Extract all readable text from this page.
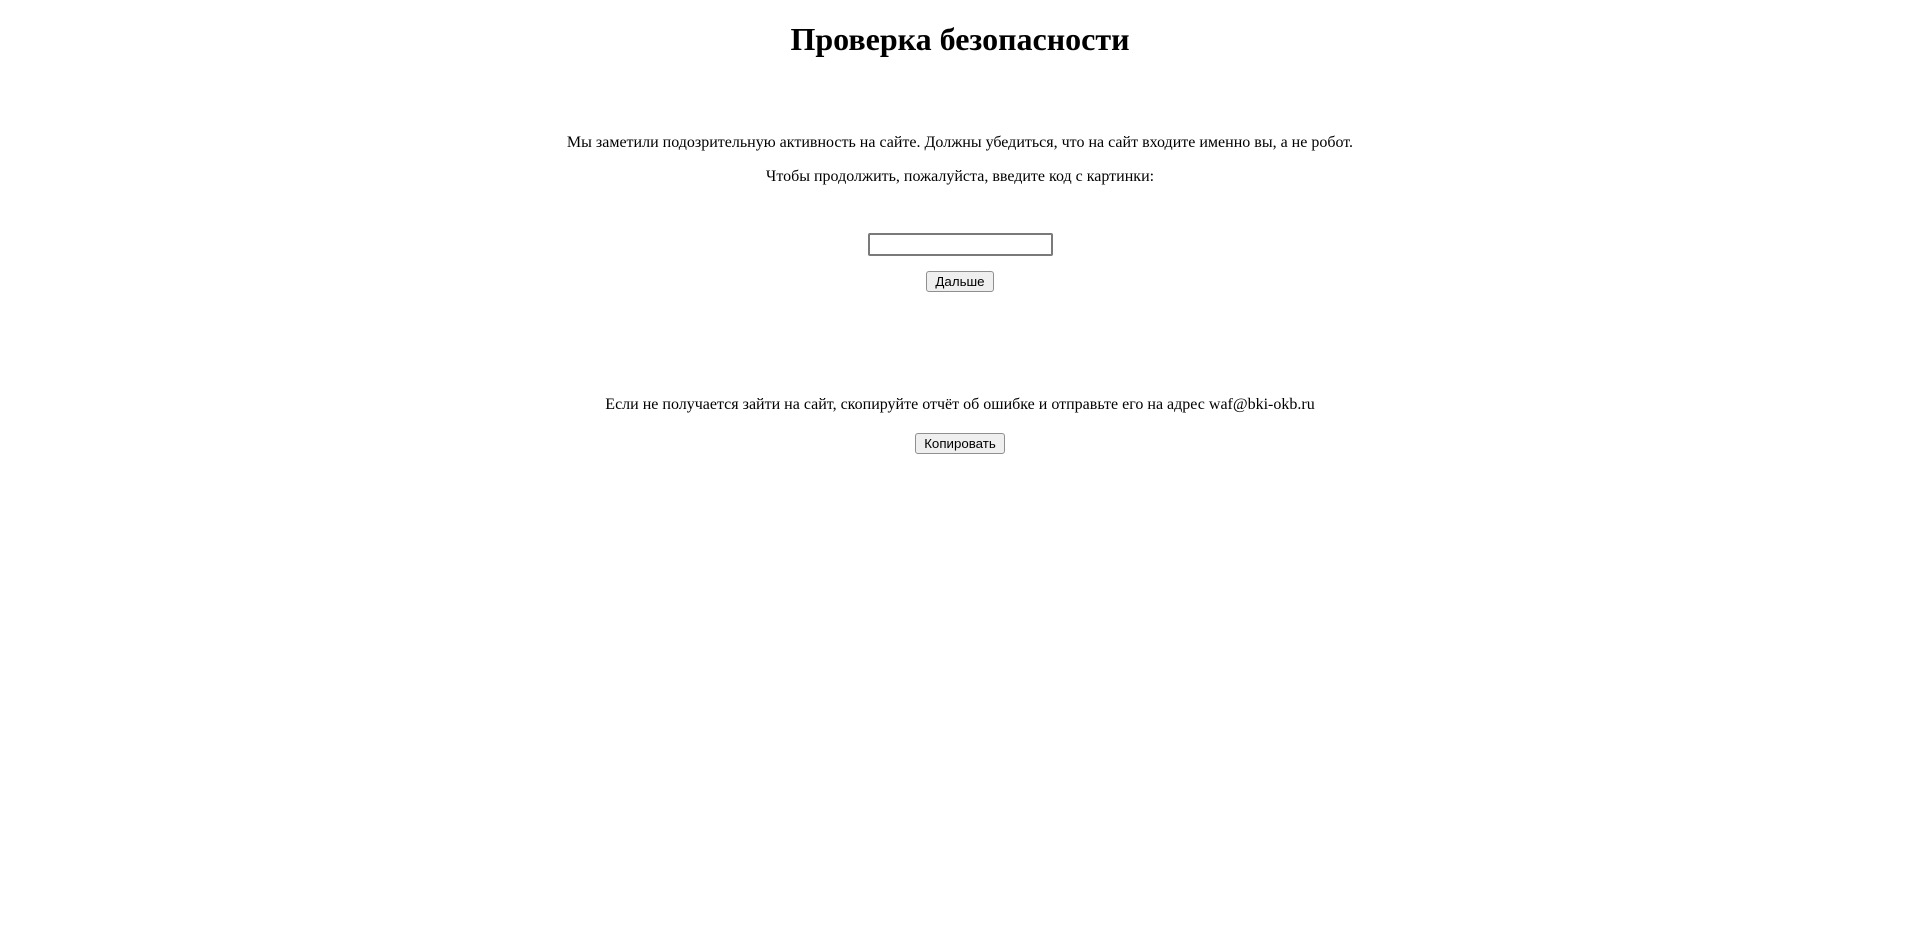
Проверка безопасности

Мы заметили подозрительную активность на сайте. Должны убедиться, что на сайт входите именно вы, а не робот.

Чтобы продолжить, пожалуйста, введите код с картинки:

Дальше

Если не получается зайти на сайт, скопируйте отчёт об ошибке и отправьте его на адрес waf@bki-okb.ru

Копировать
